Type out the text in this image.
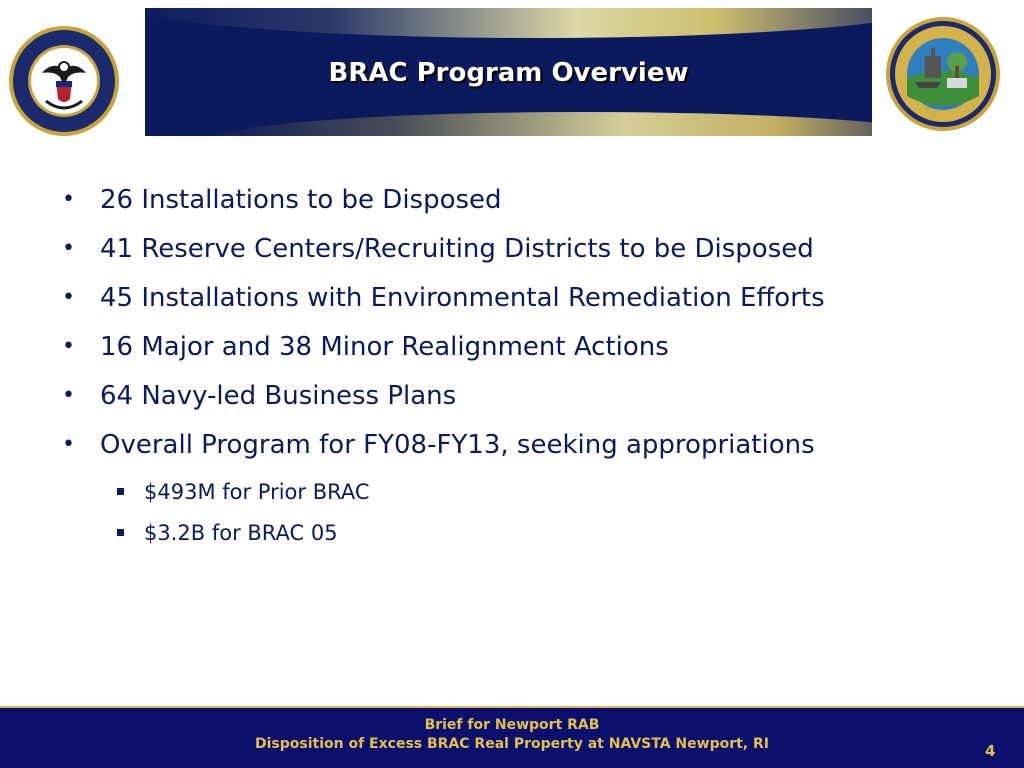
BRAC Program Overview
• 26 Installations to be Disposed
• 41 Reserve Centers/Recruiting Districts to be Disposed
• 45 Installations with Environmental Remediation Efforts
• 16 Major and 38 Minor Realignment Actions
• 64 Navy-led Business Plans
• Overall Program for FY08-FY13, seeking appropriations
$493M for Prior BRAC
$3.2B for BRAC 05
Brief for Newport RAB
Disposition of Excess BRAC Real Property at NAVSTA Newport, RI	4
